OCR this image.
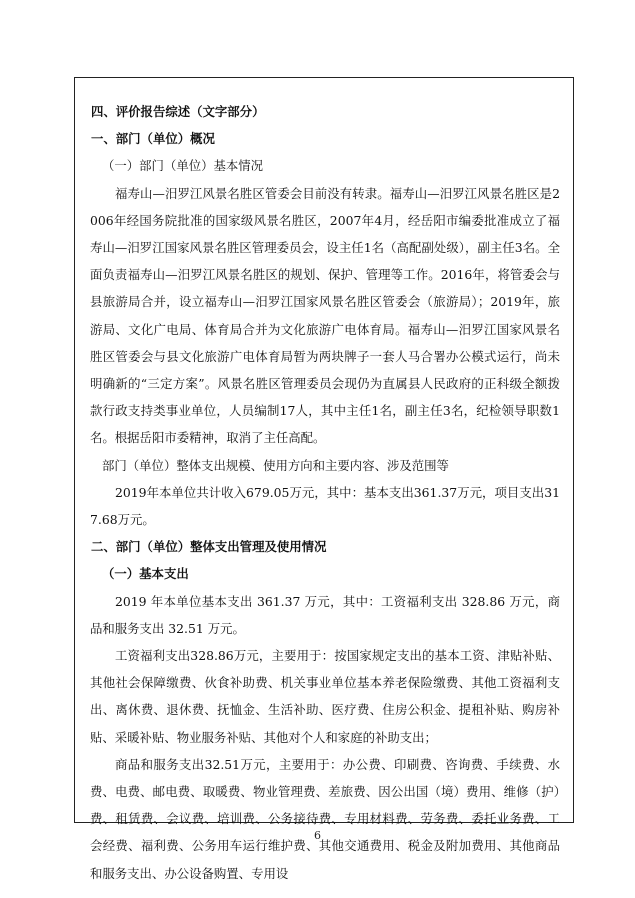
四、评价报告综述（文字部分）

一、部门（单位）概况

（一）部门（单位）基本情况

福寿山—汨罗江风景名胜区管委会目前没有转隶。福寿山—汨罗江风景名胜区是2006年经国务院批准的国家级风景名胜区，2007年4月，经岳阳市编委批准成立了福寿山—汨罗江国家风景名胜区管理委员会，设主任1名（高配副处级），副主任3名。全面负责福寿山—汨罗江风景名胜区的规划、保护、管理等工作。2016年，将管委会与县旅游局合并，设立福寿山—汨罗江国家风景名胜区管委会（旅游局）；2019年，旅游局、文化广电局、体育局合并为文化旅游广电体育局。福寿山—汨罗江国家风景名胜区管委会与县文化旅游广电体育局暂为两块牌子一套人马合署办公模式运行，尚未明确新的“三定方案”。风景名胜区管理委员会现仍为直属县人民政府的正科级全额拨款行政支持类事业单位，人员编制17人，其中主任1名，副主任3名，纪检领导职数1名。根据岳阳市委精神，取消了主任高配。

部门（单位）整体支出规模、使用方向和主要内容、涉及范围等

2019年本单位共计收入679.05万元，其中：基本支出361.37万元，项目支出317.68万元。

二、部门（单位）整体支出管理及使用情况

（一）基本支出

2019 年本单位基本支出 361.37 万元，其中：工资福利支出 328.86 万元，商品和服务支出 32.51 万元。

工资福利支出328.86万元，主要用于：按国家规定支出的基本工资、津贴补贴、其他社会保障缴费、伙食补助费、机关事业单位基本养老保险缴费、其他工资福利支出、离休费、退休费、抚恤金、生活补助、医疗费、住房公积金、提租补贴、购房补贴、采暖补贴、物业服务补贴、其他对个人和家庭的补助支出；

商品和服务支出32.51万元，主要用于：办公费、印刷费、咨询费、手续费、水费、电费、邮电费、取暖费、物业管理费、差旅费、因公出国（境）费用、维修（护）费、租赁费、会议费、培训费、公务接待费、专用材料费、劳务费、委托业务费、工会经费、福利费、公务用车运行维护费、其他交通费用、税金及附加费用、其他商品和服务支出、办公设备购置、专用设

6
